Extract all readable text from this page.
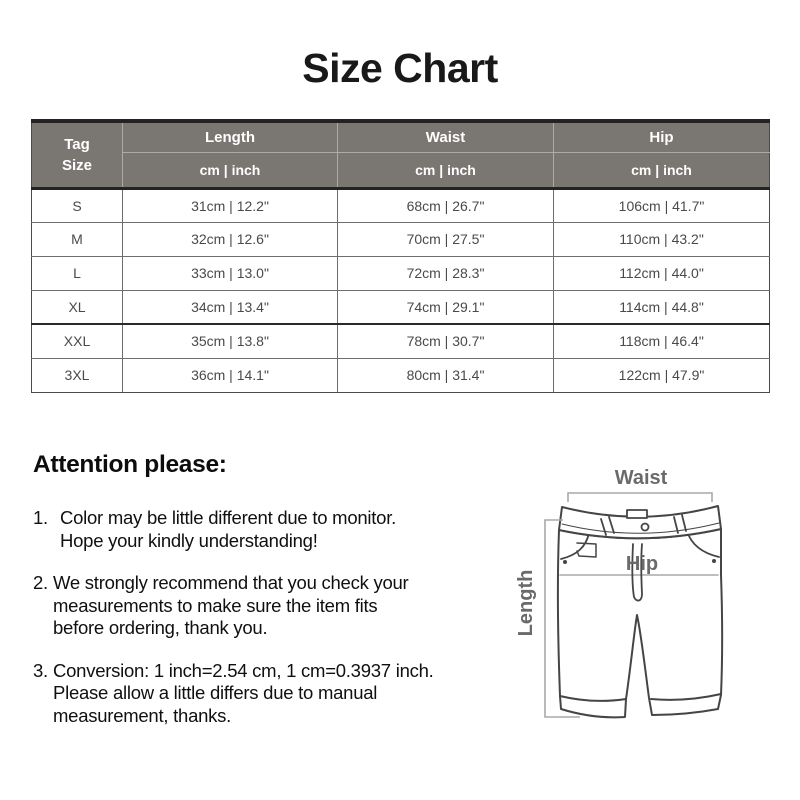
Size Chart
Tag
Size	Length	Waist	Hip
	cm | inch	cm | inch	cm | inch
S	31cm | 12.2"	68cm | 26.7"	106cm | 41.7"
M	32cm | 12.6"	70cm | 27.5"	110cm | 43.2"
L	33cm | 13.0"	72cm | 28.3"	112cm | 44.0"
XL	34cm | 13.4"	74cm | 29.1"	114cm | 44.8"
XXL	35cm | 13.8"	78cm | 30.7"	118cm | 46.4"
3XL	36cm | 14.1"	80cm | 31.4"	122cm | 47.9"
Attention please:
1. Color may be little different due to monitor.
Hope your kindly understanding!
2. We strongly recommend that you check your
measurements to make sure the item fits
before ordering, thank you.
3. Conversion: 1 inch=2.54 cm, 1 cm=0.3937 inch.
Please allow a little differs due to manual
measurement, thanks.
Waist
Hip
Length
